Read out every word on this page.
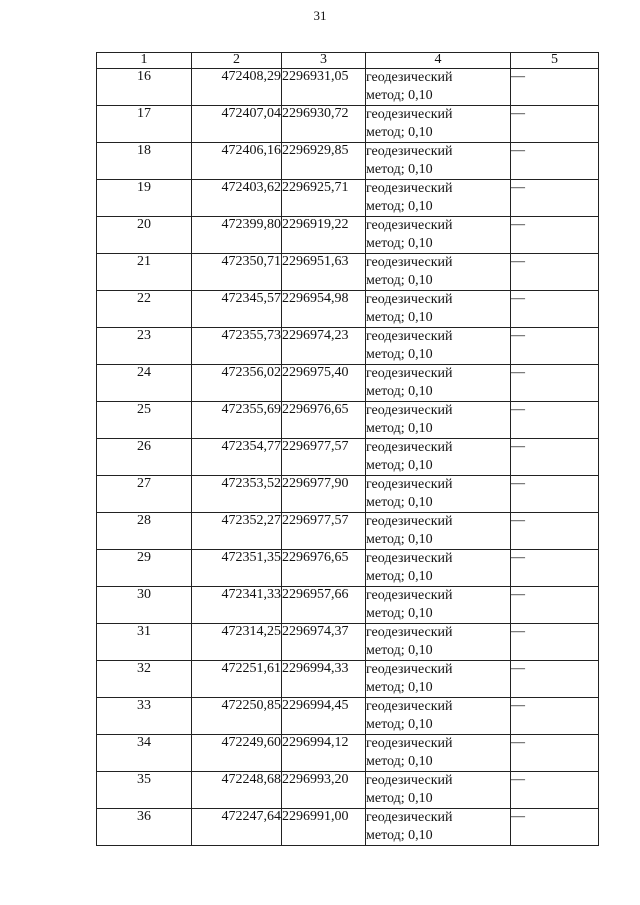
31
1	2	3	4	5
16	472408,29	2296931,05	геодезический
метод; 0,10	—
17	472407,04	2296930,72	геодезический
метод; 0,10	—
18	472406,16	2296929,85	геодезический
метод; 0,10	—
19	472403,62	2296925,71	геодезический
метод; 0,10	—
20	472399,80	2296919,22	геодезический
метод; 0,10	—
21	472350,71	2296951,63	геодезический
метод; 0,10	—
22	472345,57	2296954,98	геодезический
метод; 0,10	—
23	472355,73	2296974,23	геодезический
метод; 0,10	—
24	472356,02	2296975,40	геодезический
метод; 0,10	—
25	472355,69	2296976,65	геодезический
метод; 0,10	—
26	472354,77	2296977,57	геодезический
метод; 0,10	—
27	472353,52	2296977,90	геодезический
метод; 0,10	—
28	472352,27	2296977,57	геодезический
метод; 0,10	—
29	472351,35	2296976,65	геодезический
метод; 0,10	—
30	472341,33	2296957,66	геодезический
метод; 0,10	—
31	472314,25	2296974,37	геодезический
метод; 0,10	—
32	472251,61	2296994,33	геодезический
метод; 0,10	—
33	472250,85	2296994,45	геодезический
метод; 0,10	—
34	472249,60	2296994,12	геодезический
метод; 0,10	—
35	472248,68	2296993,20	геодезический
метод; 0,10	—
36	472247,64	2296991,00	геодезический
метод; 0,10	—
